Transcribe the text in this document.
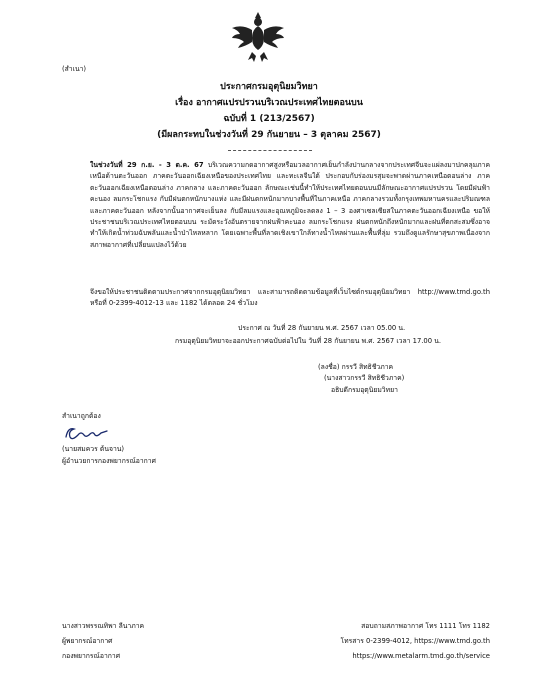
(สำเนา)
ประกาศกรมอุตุนิยมวิทยา
เรื่อง อากาศแปรปรวนบริเวณประเทศไทยตอนบน
ฉบับที่ 1 (213/2567)
(มีผลกระทบในช่วงวันที่ 29 กันยายน – 3 ตุลาคม 2567)
ในช่วงวันที่ 29 ก.ย. - 3 ต.ค. 67 บริเวณความกดอากาศสูงหรือมวลอากาศเย็นกำลังปานกลางจากประเทศจีนจะแผ่ลงมาปกคลุมภาคเหนือด้านตะวันออก ภาคตะวันออกเฉียงเหนือของประเทศไทย และทะเลจีนใต้ ประกอบกับร่องมรสุมจะพาดผ่านภาคเหนือตอนล่าง ภาคตะวันออกเฉียงเหนือตอนล่าง ภาคกลาง และภาคตะวันออก ลักษณะเช่นนี้ทำให้ประเทศไทยตอนบนมีลักษณะอากาศแปรปรวน โดยมีฝนฟ้าคะนอง ลมกระโชกแรง กับมีฝนตกหนักบางแห่ง และมีฝนตกหนักมากบางพื้นที่ในภาคเหนือ ภาคกลางรวมทั้งกรุงเทพมหานครและปริมณฑล และภาคตะวันออก หลังจากนั้นอากาศจะเย็นลง กับมีลมแรงและอุณหภูมิจะลดลง 1 – 3 องศาเซลเซียสในภาคตะวันออกเฉียงเหนือ ขอให้ประชาชนบริเวณประเทศไทยตอนบน ระมัดระวังอันตรายจากฝนฟ้าคะนอง ลมกระโชกแรง ฝนตกหนักถึงหนักมากและฝนที่ตกสะสมซึ่งอาจทำให้เกิดน้ำท่วมฉับพลันและน้ำป่าไหลหลาก โดยเฉพาะพื้นที่ลาดเชิงเขาใกล้ทางน้ำไหลผ่านและพื้นที่ลุ่ม รวมถึงดูแลรักษาสุขภาพเนื่องจากสภาพอากาศที่เปลี่ยนแปลงไว้ด้วย
จึงขอให้ประชาชนติดตามประกาศจากกรมอุตุนิยมวิทยา และสามารถติดตามข้อมูลที่เว็บไซต์กรมอุตุนิยมวิทยา http://www.tmd.go.th หรือที่ 0-2399-4012-13 และ 1182 ได้ตลอด 24 ชั่วโมง
ประกาศ ณ วันที่ 28 กันยายน พ.ศ. 2567 เวลา 05.00 น.
กรมอุตุนิยมวิทยาจะออกประกาศฉบับต่อไปใน วันที่ 28 กันยายน พ.ศ. 2567 เวลา 17.00 น.
(ลงชื่อ) กรรวี สิทธิชีวภาค
(นางสาวกรรวี สิทธิชีวภาค)
อธิบดีกรมอุตุนิยมวิทยา
สำเนาถูกต้อง
(นายสมควร ต้นจาน)
ผู้อำนวยการกองพยากรณ์อากาศ
นางสาวพรรณทิพา ลีนาภาค
ผู้พยากรณ์อากาศ
กองพยากรณ์อากาศ
สอบถามสภาพอากาศ โทร 1111 โทร 1182
โทรสาร 0-2399-4012, https://www.tmd.go.th
https://www.metalarm.tmd.go.th/service
